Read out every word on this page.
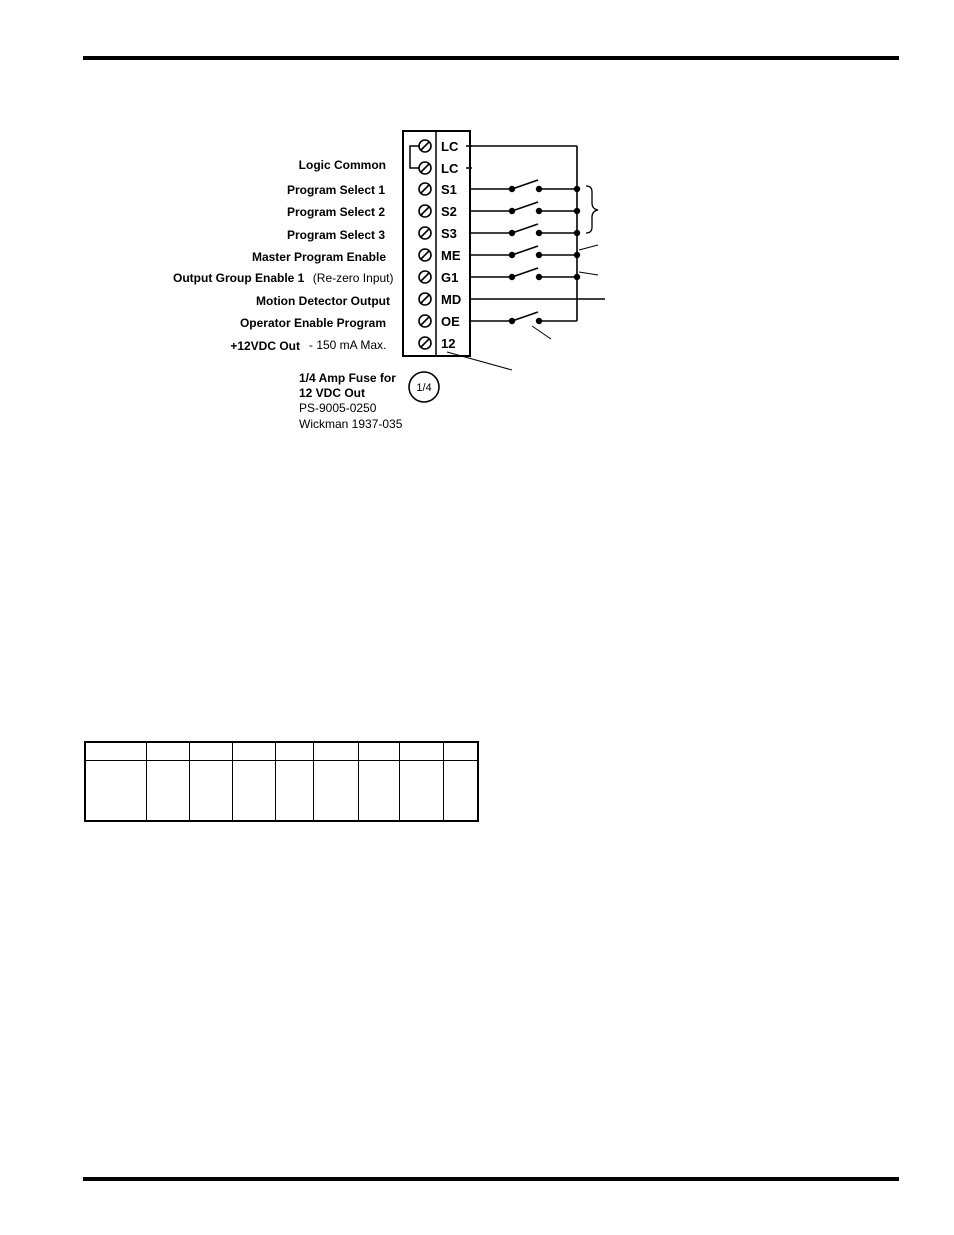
LC
LC
S1
S2
S3
ME
G1
MD
OE
12
Logic Common
Program Select 1
Program Select 2
Program Select 3
Master Program Enable
Output Group Enable 1 (Re-zero Input)
Motion Detector Output
Operator Enable Program
+12VDC Out - 150 mA Max.
1/4
1/4 Amp Fuse for
12 VDC Out
PS-9005-0250
Wickman 1937-035
